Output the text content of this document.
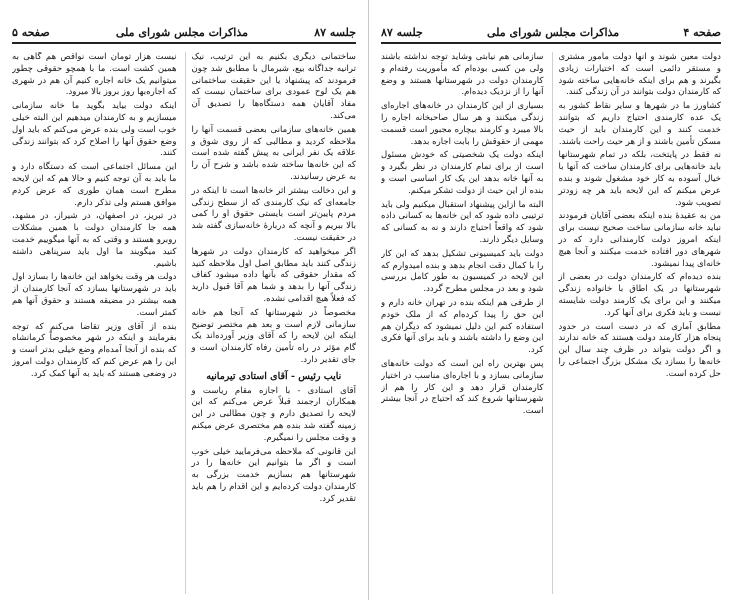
جلسه ۸۷
مذاکرات مجلس شورای ملی
صفحه ۵

ساختمانی دیگری بکنیم به این ترتیب، نیک ترانیه جداگانه بیع، شیرمال با مطابق شد چون فرمودند که پیشنهاد یا این حقیقت ساختمانی هم یک لوح عمودی برای ساختمان نیست که مفاد آقایان همه دستگاه‌ها را تصدیق آن می‌کند.

همین خانه‌های سازمانی بعضی قسمت آنها را ملاحظه کردید و مطالبی که از روی شوق و علاقه یک نفر ایرانی به پیش گفته شده است که این خانه‌ها ساخته شده باشد و شرح آن را به عرض رسانیدند.

و این دخالت بیشتر اثر خانه‌ها است تا اینکه در جامعه‌ای که نیک کارمندی که از سطح زندگی مردم پایین‌تر است بایستی حقوق او را کمی بالا ببریم و آنچه که دربارهٔ خانه‌سازی گفته شد در حقیقت نیست.

اگر میخواهید که کارمندان دولت در شهرها زندگی کنند باید مطابق اصل اول ملاحظه کنید که مقدار حقوقی که بآنها داده میشود کفاف زندگی آنها را بدهد و شما هم آقا قبول دارید که فعلاً هیچ اقدامی نشده.

مخصوصاً در شهرستانها که آنجا هم خانه سازمانی لازم است و بعد هم مختصر توضیح اینکه این لایحه را که آقای وزیر آورده‌اند یک گام مؤثر در راه تأمین رفاه کارمندان است و جای تقدیر دارد.

نایب رئیس - آقای استادی تیرمانیه

آقای استادی - با اجازه مقام ریاست و همکاران ارجمند قبلاً عرض می‌کنم که این لایحه را تصدیق دارم و چون مطالبی در این زمینه گفته شد بنده هم مختصری عرض میکنم و وقت مجلس را نمیگیرم.

این قانونی که ملاحظه می‌فرمایید خیلی خوب است و اگر ما بتوانیم این خانه‌ها را در شهرستانها هم بسازیم خدمت بزرگی به کارمندان دولت کرده‌ایم و این اقدام را هم باید تقدیر کرد.

نیست ‌هزار تومان است نواقص هم گاهی به همین کشت است. ما با همچو حقوقی چطور میتوانیم یک خانه اجاره کنیم آن هم در شهری که اجاره‌بها روز بروز بالا میرود.

اینکه دولت بیاید بگوید ما خانه سازمانی میسازیم و به کارمندان میدهیم این البته خیلی خوب است ولی بنده عرض می‌کنم که باید اول وضع حقوق آنها را اصلاح کرد که بتوانند زندگی کنند.

این مسائل اجتماعی است که دستگاه دارد و ما باید به آن توجه کنیم و حالا هم که این لایحه مطرح است همان طوری که عرض کردم موافق هستم ولی تذکر دارم.

در تبریز، در اصفهان، در شیراز، در مشهد، همه جا کارمندان دولت با همین مشکلات روبرو هستند و وقتی که به آنها میگوییم خدمت کنید میگویند ما اول باید سرپناهی داشته باشیم.

دولت هر وقت بخواهد این خانه‌ها را بسازد اول باید در شهرستانها بسازد که آنجا کارمندان از همه بیشتر در مضیقه هستند و حقوق آنها هم کمتر است.

بنده از آقای وزیر تقاضا می‌کنم که توجه بفرمایند و اینکه در شهر مخصوصاً کرمانشاه که بنده از آنجا آمده‌ام وضع خیلی بدتر است و این را هم عرض کنم که کارمندان دولت امروز در وضعی هستند که باید به آنها کمک کرد.

صفحه ۴
مذاکرات مجلس شورای ملی
جلسه ۸۷

دولت معین شوند و آنها دولت مأمور مشتری و مستقر دائمی است که اختیارات زیادی بگیرند و هم برای اینکه خانه‌هایی ساخته شود که کارمندان دولت بتوانند در آن زندگی کنند.

کشاورز ما در شهرها و سایر نقاط کشور به یک عده کارمندی احتیاج داریم که بتوانند خدمت کنند و این کارمندان باید از حیث مسکن تأمین باشند و از هر حیث راحت باشند.

نه فقط در پایتخت، بلکه در تمام شهرستانها باید خانه‌هایی برای کارمندان ساخت که آنها با خیال آسوده به کار خود مشغول شوند و بنده عرض میکنم که این لایحه باید هر چه زودتر تصویب شود.

من به عقیدهٔ بنده اینکه بعضی آقایان فرمودند نباید خانه سازمانی ساخت صحیح نیست برای اینکه امروز دولت کارمندانی دارد که در شهرهای دور افتاده خدمت میکنند و آنجا هیچ خانه‌ای پیدا نمیشود.

بنده دیده‌ام که کارمندان دولت در بعضی از شهرستانها در یک اطاق با خانواده زندگی میکنند و این برای یک کارمند دولت شایسته نیست و باید فکری برای آنها کرد.

مطابق آماری که در دست است در حدود پنجاه هزار کارمند دولت هستند که خانه ندارند و اگر دولت بتواند در ظرف چند سال این خانه‌ها را بسازد یک مشکل بزرگ اجتماعی را حل کرده است.

سازمانی هم نیابتی وشاید توجه نداشته باشند ولی من کسی بوده‌ام که مأموریت رفته‌ام و کارمندان دولت در شهرستانها هستند و وضع آنها را از نزدیک دیده‌ام.

بسیاری از این کارمندان در خانه‌های اجاره‌ای زندگی میکنند و هر سال صاحبخانه اجاره را بالا میبرد و کارمند بیچاره مجبور است قسمت مهمی از حقوقش را بابت اجاره بدهد.

اینکه دولت یک شخصیتی که خودش مسئول است از برای تمام کارمندان در نظر بگیرد و به آنها خانه بدهد این یک کار اساسی است و بنده از این حیث از دولت تشکر میکنم.

البته ما ازاین پیشنهاد استقبال میکنیم ولی باید ترتیبی داده شود که این خانه‌ها به کسانی داده شود که واقعاً احتیاج دارند و نه به کسانی که وسایل دیگر دارند.

دولت باید کمیسیونی تشکیل بدهد که این کار را با کمال دقت انجام بدهد و بنده امیدوارم که این لایحه در کمیسیون به طور کامل بررسی شود و بعد در مجلس مطرح گردد.

از طرفی هم اینکه بنده در تهران خانه دارم و این حق را پیدا کرده‌ام که از ملک خودم استفاده کنم این دلیل نمیشود که دیگران هم این وضع را داشته باشند و باید برای آنها فکری کرد.

پس بهترین راه این است که دولت خانه‌های سازمانی بسازد و با اجاره‌ای مناسب در اختیار کارمندان قرار دهد و این کار را هم از شهرستانها شروع کند که احتیاج در آنجا بیشتر است.
